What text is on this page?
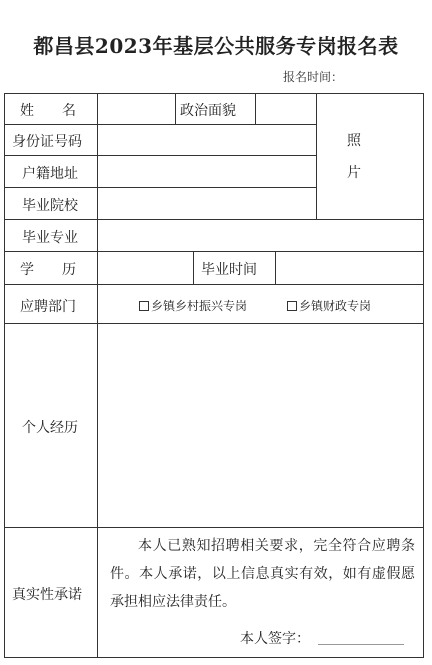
都昌县2023年基层公共服务专岗报名表
报名时间：
姓　　名	政治面貌
照
片
身份证号码
户籍地址
毕业院校
毕业专业
学　　历	毕业时间
应聘部门	乡镇乡村振兴专岗	乡镇财政专岗
个人经历
真实性承诺
本人已熟知招聘相关要求，完全符合应聘条件。本人承诺，以上信息真实有效，如有虚假愿承担相应法律责任。
本人签字：
